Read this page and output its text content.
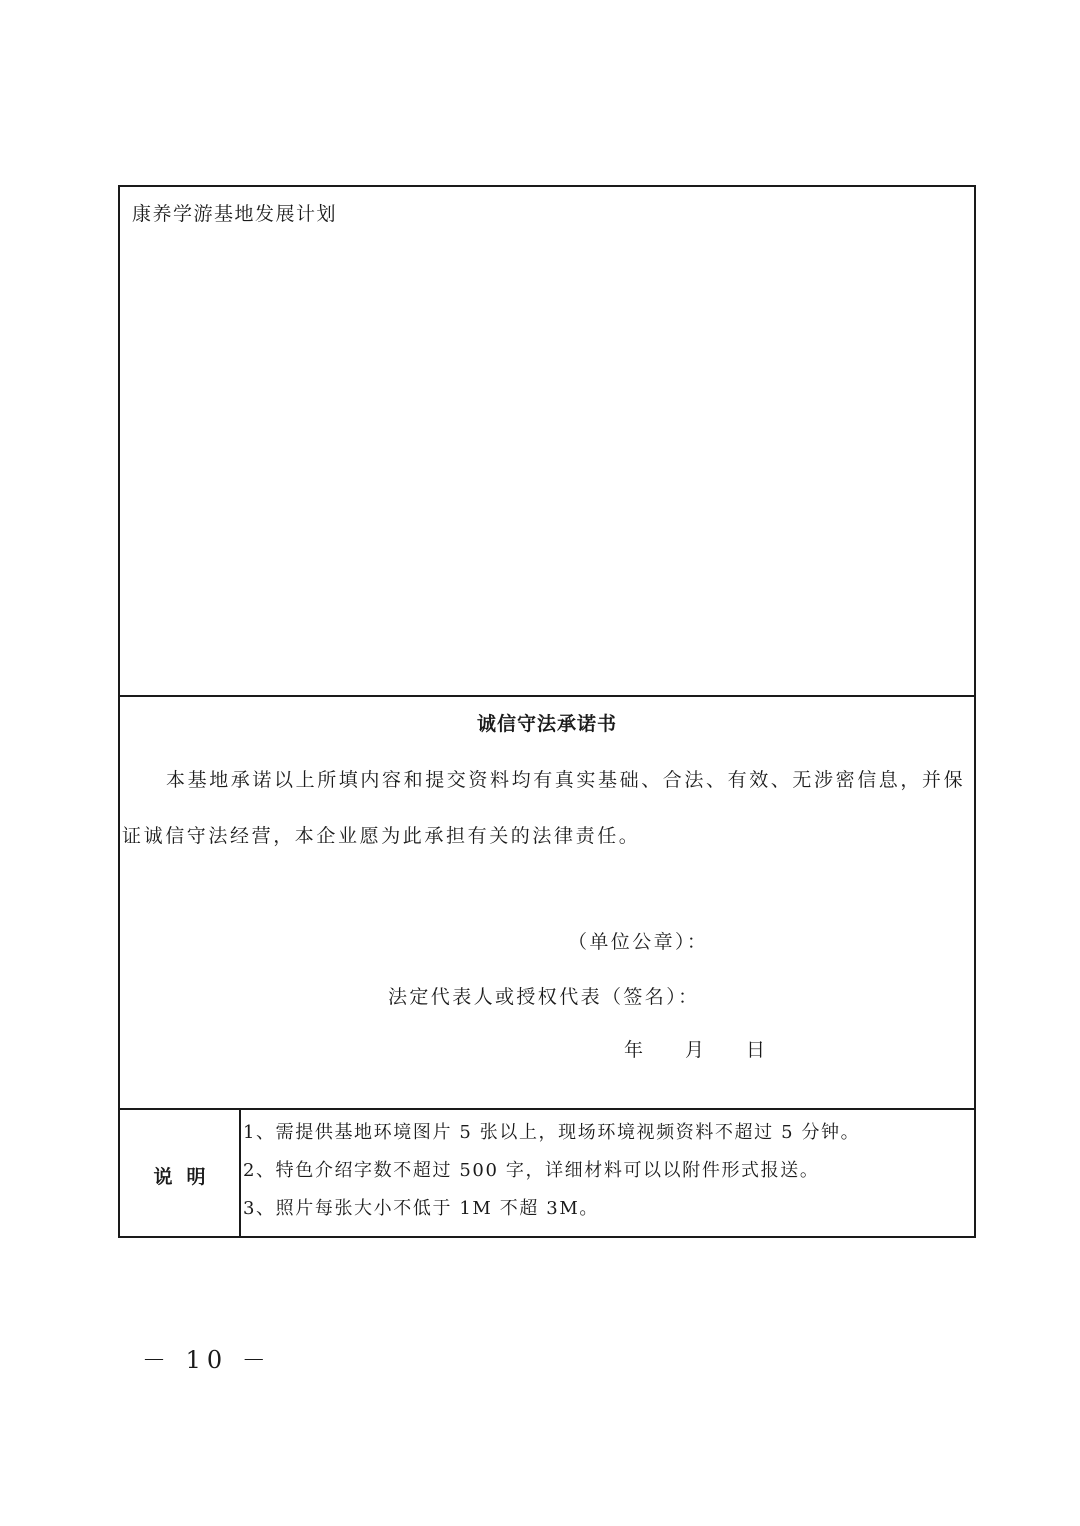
康养学游基地发展计划
诚信守法承诺书
本基地承诺以上所填内容和提交资料均有真实基础、合法、有效、无涉密信息，并保
证诚信守法经营，本企业愿为此承担有关的法律责任。
（单位公章）：
法定代表人或授权代表（签名）：
年 月 日
说明
1、需提供基地环境图片 5 张以上，现场环境视频资料不超过 5 分钟。
2、特色介绍字数不超过 500 字，详细材料可以以附件形式报送。
3、照片每张大小不低于 1M 不超 3M。
－ 10 －
